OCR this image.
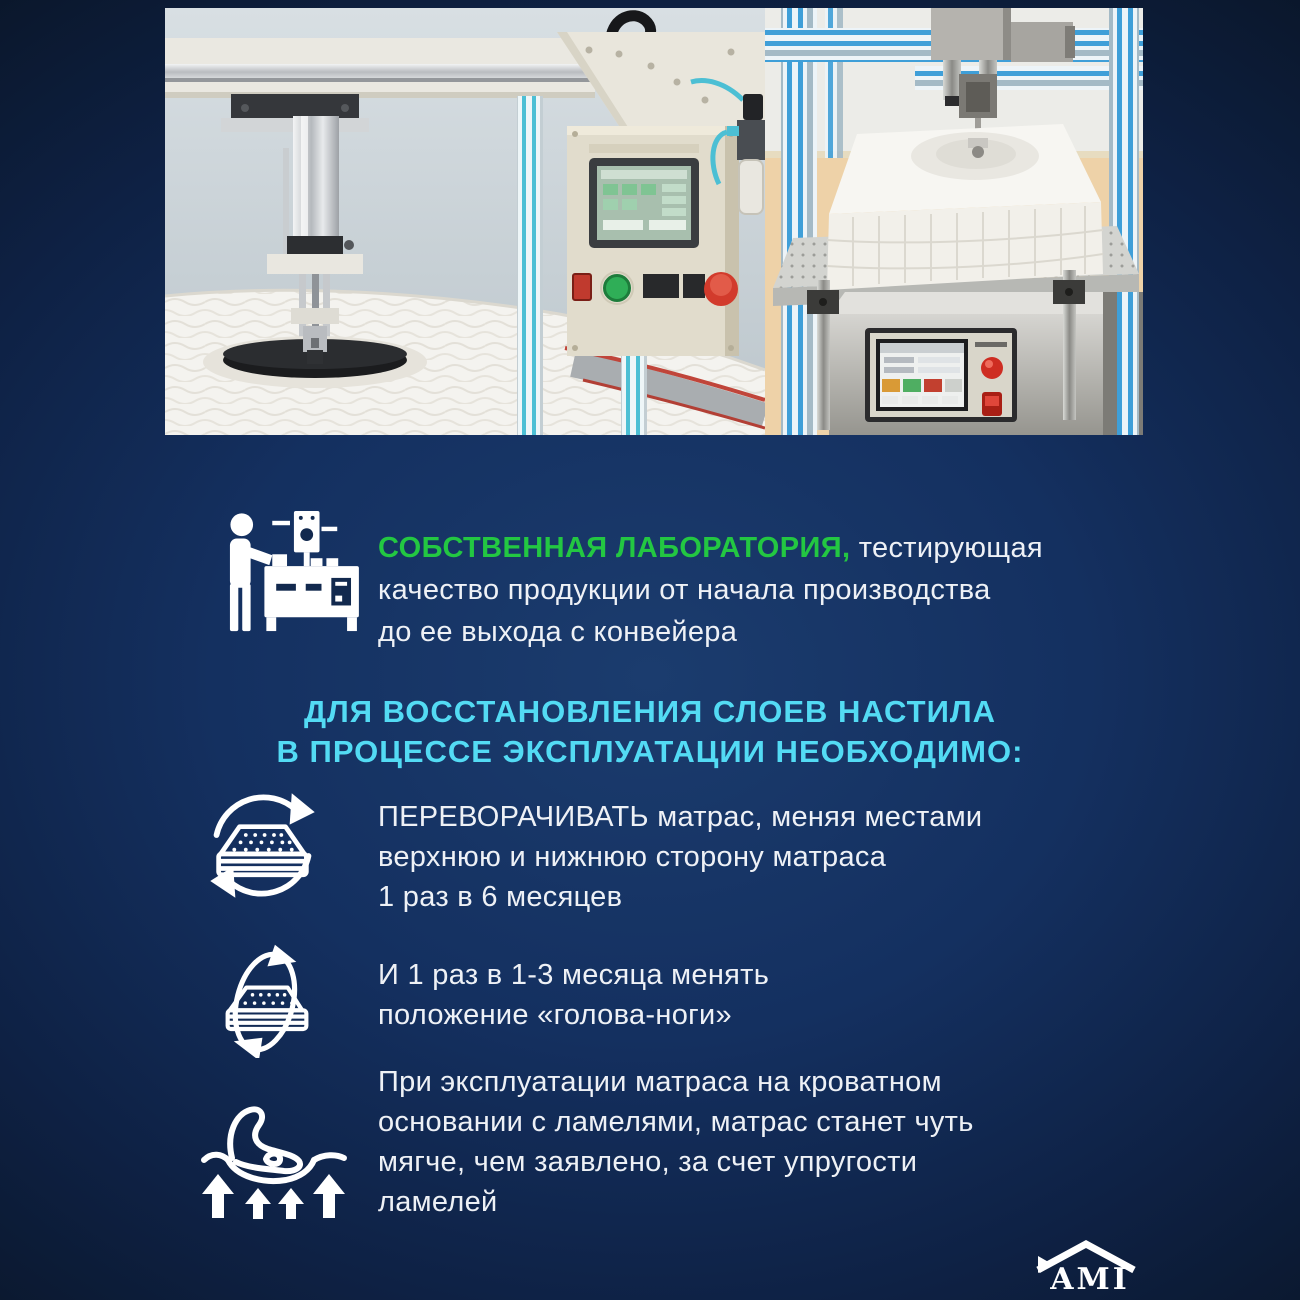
СОБСТВЕННАЯ ЛАБОРАТОРИЯ, тестирующая
качество продукции от начала производства
до ее выхода с конвейера
ДЛЯ ВОССТАНОВЛЕНИЯ СЛОЕВ НАСТИЛА
В ПРОЦЕССЕ ЭКСПЛУАТАЦИИ НЕОБХОДИМО:
ПЕРЕВОРАЧИВАТЬ матрас, меняя местами
верхнюю и нижнюю сторону матраса
1 раз в 6 месяцев
И 1 раз в 1-3 месяца менять
положение «голова-ноги»
При эксплуатации матраса на кроватном
основании с ламелями, матрас станет чуть
мягче, чем заявлено, за счет упругости
ламелей
AMI
